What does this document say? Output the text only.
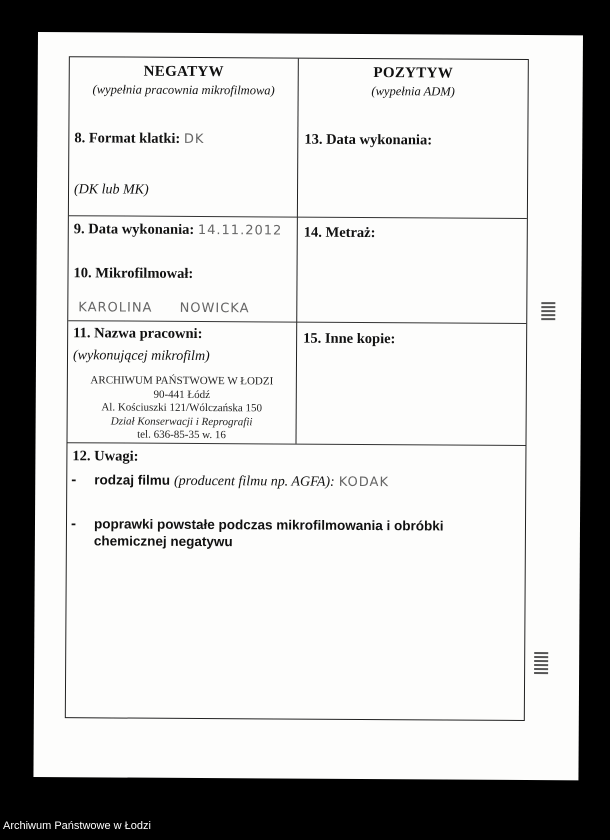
NEGATYW
(wypełnia pracownia mikrofilmowa)
8. Format klatki: DK
(DK lub MK)
9. Data wykonania: 14.11.2012
10. Mikrofilmował:
KAROLINA NOWICKA
11. Nazwa pracowni:
(wykonującej mikrofilm)
ARCHIWUM PAŃSTWOWE W ŁODZI
90-441 Łódź
Al. Kościuszki 121/Wólczańska 150
Dział Konserwacji i Reprografii
tel. 636-85-35 w. 16
POZYTYW
(wypełnia ADM)
13. Data wykonania:
14. Metraż:
15. Inne kopie:
12. Uwagi:
- rodzaj filmu (producent filmu np. AGFA): KODAK
- poprawki powstałe podczas mikrofilmowania i obróbki
chemicznej negatywu
Archiwum Państwowe w Łodzi
